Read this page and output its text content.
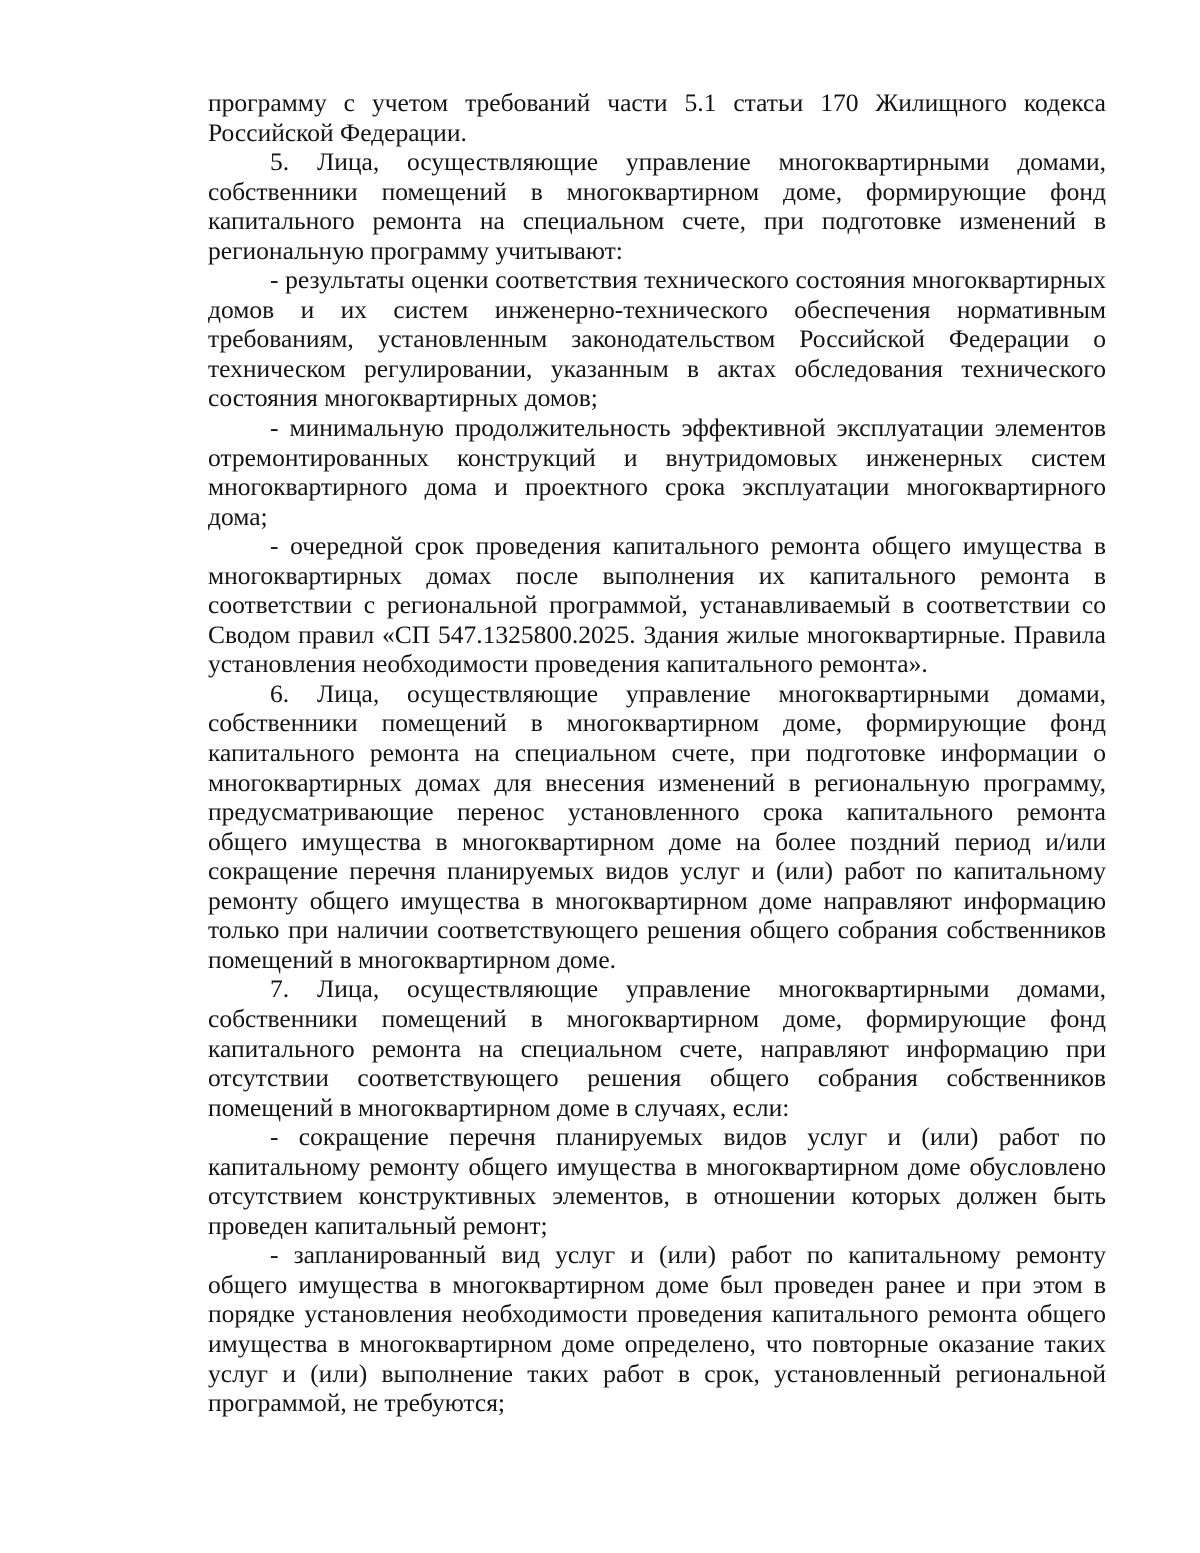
программу с учетом требований части 5.1 статьи 170 Жилищного кодекса Российской Федерации.

5. Лица, осуществляющие управление многоквартирными домами, собственники помещений в многоквартирном доме, формирующие фонд капитального ремонта на специальном счете, при подготовке изменений в региональную программу учитывают:

- результаты оценки соответствия технического состояния многоквартирных домов и их систем инженерно-технического обеспечения нормативным требованиям, установленным законодательством Российской Федерации о техническом регулировании, указанным в актах обследования технического состояния многоквартирных домов;

- минимальную продолжительность эффективной эксплуатации элементов отремонтированных конструкций и внутридомовых инженерных систем многоквартирного дома и проектного срока эксплуатации многоквартирного дома;

- очередной срок проведения капитального ремонта общего имущества в многоквартирных домах после выполнения их капитального ремонта в соответствии с региональной программой, устанавливаемый в соответствии со Сводом правил «СП 547.1325800.2025. Здания жилые многоквартирные. Правила установления необходимости проведения капитального ремонта».

6. Лица, осуществляющие управление многоквартирными домами, собственники помещений в многоквартирном доме, формирующие фонд капитального ремонта на специальном счете, при подготовке информации о многоквартирных домах для внесения изменений в региональную программу, предусматривающие перенос установленного срока капитального ремонта общего имущества в многоквартирном доме на более поздний период и/или сокращение перечня планируемых видов услуг и (или) работ по капитальному ремонту общего имущества в многоквартирном доме направляют информацию только при наличии соответствующего решения общего собрания собственников помещений в многоквартирном доме.

7. Лица, осуществляющие управление многоквартирными домами, собственники помещений в многоквартирном доме, формирующие фонд капитального ремонта на специальном счете, направляют информацию при отсутствии соответствующего решения общего собрания собственников помещений в многоквартирном доме в случаях, если:

- сокращение перечня планируемых видов услуг и (или) работ по капитальному ремонту общего имущества в многоквартирном доме обусловлено отсутствием конструктивных элементов, в отношении которых должен быть проведен капитальный ремонт;

- запланированный вид услуг и (или) работ по капитальному ремонту общего имущества в многоквартирном доме был проведен ранее и при этом в порядке установления необходимости проведения капитального ремонта общего имущества в многоквартирном доме определено, что повторные оказание таких услуг и (или) выполнение таких работ в срок, установленный региональной программой, не требуются;
